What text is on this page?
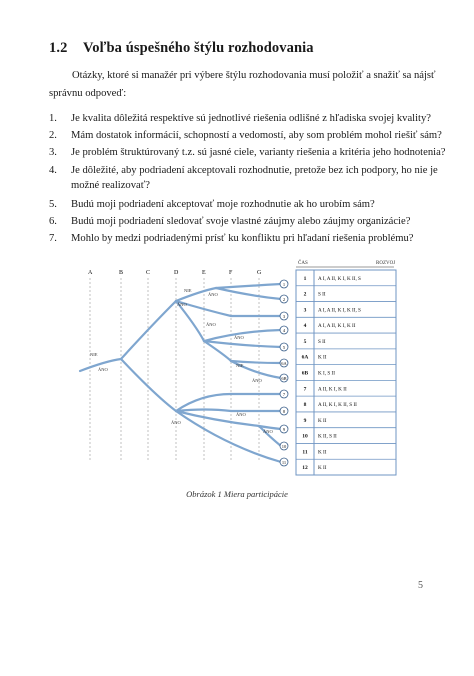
1.2 Voľba úspešného štýlu rozhodovania
Otázky, ktoré si manažér pri výbere štýlu rozhodovania musí položiť a snažiť sa nájsť
správnu odpoveď:
1. Je kvalita dôležitá respektíve sú jednotlivé riešenia odlišné z hľadiska svojej kvality?
2. Mám dostatok informácií, schopností a vedomostí, aby som problém mohol riešiť sám?
3. Je problém štruktúrovaný t.z. sú jasné ciele, varianty riešenia a kritéria jeho hodnotenia?
4. Je dôležité, aby podriadení akceptovali rozhodnutie, pretože bez ich podpory, ho nie je
možné realizovať?
5. Budú moji podriadení akceptovať moje rozhodnutie ak ho urobím sám?
6. Budú moji podriadení sledovať svoje vlastné záujmy alebo záujmy organizácie?
7. Mohlo by medzi podriadenými prísť ku konfliktu pri hľadaní riešenia problému?
A	B	C	D	E	F	G
NIE
ÁNO
NIE
ÁNO
ÁNO
ÁNO
ÁNO
NIE
ÁNO
ÁNO
ÁNO
ÁNO
1
2
3
4
5
6A
6B
7
8
9
10
11
ČAS	ROZVOJ
1 A I, A II, K I, K II, S
2 S II
3 A I, A II, K I, K II, S
4 A I, A II, K I, K II
5 S II
6A K II
6B K I, S II
7 A II, K I, K II
8 A II, K I, K II, S II
9 K II
10 K II, S II
11 K II
12 K II
Obrázok 1 Miera participácie
5
